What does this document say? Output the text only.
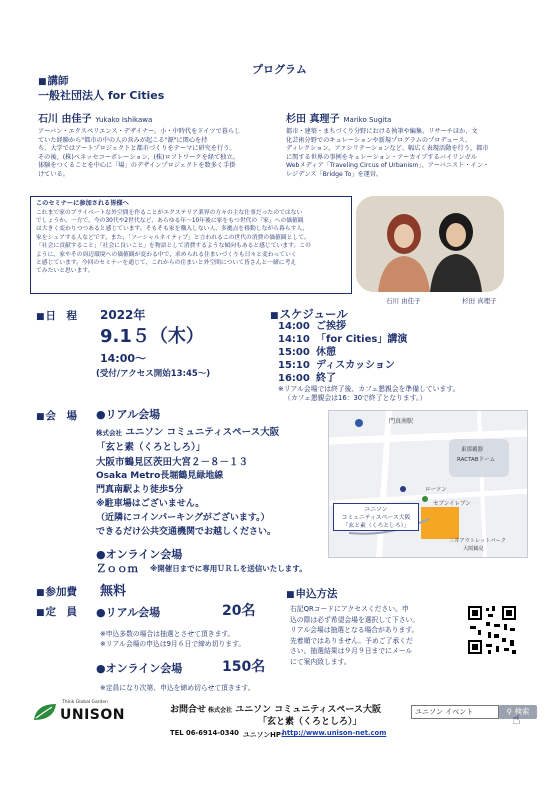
プログラム
■講師
一般社団法人 for Cities
石川 由佳子 Yukako Ishikawa
アーバン・エクスペリエンス・デザイナー。小・中時代をドイツで暮らし
ていた経験から"都市の中の人の営みが起こる"源"に関心を持
ち、大学ではアートプロジェクトと都市づくりをテーマに研究を行う。
その後、(株)ベネッセコーポレーション、(株)ロフトワークを経て独立。
体験をつくることを中心に「場」のデザインプロジェクトを数多く手掛
けている。
杉田 真理子 Mariko Sugita
都市・建築・まちづくり分野における執筆や編集、リサーチほか、文
化芸術分野でのキュレーションや新規プログラムのプロデュース、
ディレクション、ファシリテーションなど、幅広く表現活動を行う。都市
に関する世界の事例をキュレーション・アーカイブするバイリンガル
Webメディア「Traveling Circus of Urbanism」、アーバニスト・イン・
レジデンス「Bridge To」を運営。
このセミナーに参加される皆様へ
これまで家のプライベートな外空間を作ることがエクステリア業界の方々の主な仕事だったのではない
でしょうか。一方で、今の30代や2世代など、あらゆる年～10年後に家をもつ世代の「家」への価値観
は大きく変わりつつあると感じています。そもそも家を購入しない人、多拠点を移動しながら暮らす人、
家をシェアする人などです。また、「ソーシャルネイティブ」と言われるこの世代の消費の価値観として、
「社会に貢献すること」「社会に良いこと」を物語として消費するような傾向もあると感じています。この
ように、家やその周辺環境への価値観が変わる中で、求められる住まいづくりも日々と変わっていく
と感じています。今回のセミナーを通じて、これからの住まいと外空間について皆さんと一緒に考え
てみたいと思います。
石川 由佳子	杉田 真理子
■日　程 2022年
9.1５（木）
14:00～
(受付/アクセス開始13:45～)
■スケジュール
14:00 ご挨拶
14:10 「for Cities」講演
15:00 休憩
15:10 ディスカッション
16:00 終了
※リアル会場では終了後、カフェ懇親会を準備しています。
（カフェ懇親会は16：30で終了となります。）
■会　場 ●リアル会場
株式会社 ユニソン コミュニティスペース大阪
「玄と素（くろとしろ）」
大阪市鶴見区茨田大宮２－８－１３
Osaka Metro長堀鶴見緑地線
門真南駅より徒歩5分
※駐車場はございません。
（近隣にコインパーキングがございます。）
できるだけ公共交通機関でお越しください。
●オンライン会場
Ｚｏｏｍ ※開催日までに専用ＵＲＬを送信いたします。
門真南駅
東那覇器
RACTABドーム
ローソン
セブンイレブン
ユニソン
コミュニティスペース大阪
「玄と素（くろとしろ）」
三井アウトレットパーク
大阪鶴見
■参加費 無料
■定　員 ●リアル会場	20名
※申込多数の場合は抽選とさせて頂きます。
※リアル会場の申込は9月６日で締め切ります。
●オンライン会場	150名
※定員になり次第、申込を締め切らせて頂きます。
■申込方法
右記QRコードにアクセスください。申
込の際は必ず希望会場を選択して下さい。
リアル会場は抽選となる場合があります。
先着順ではありません。予めご了承くだ
さい。抽選結果は９月９日までにメール
にて案内致します。
Think Global Garden
UNISON	お問合せ 株式会社 ユニソン コミュニティスペース大阪
「玄と素（くろとしろ）」
TEL 06-6914-0340 ユニソンHP:
http://www.unison-net.com
ユニソン イベント	⚲ 検索
☝
